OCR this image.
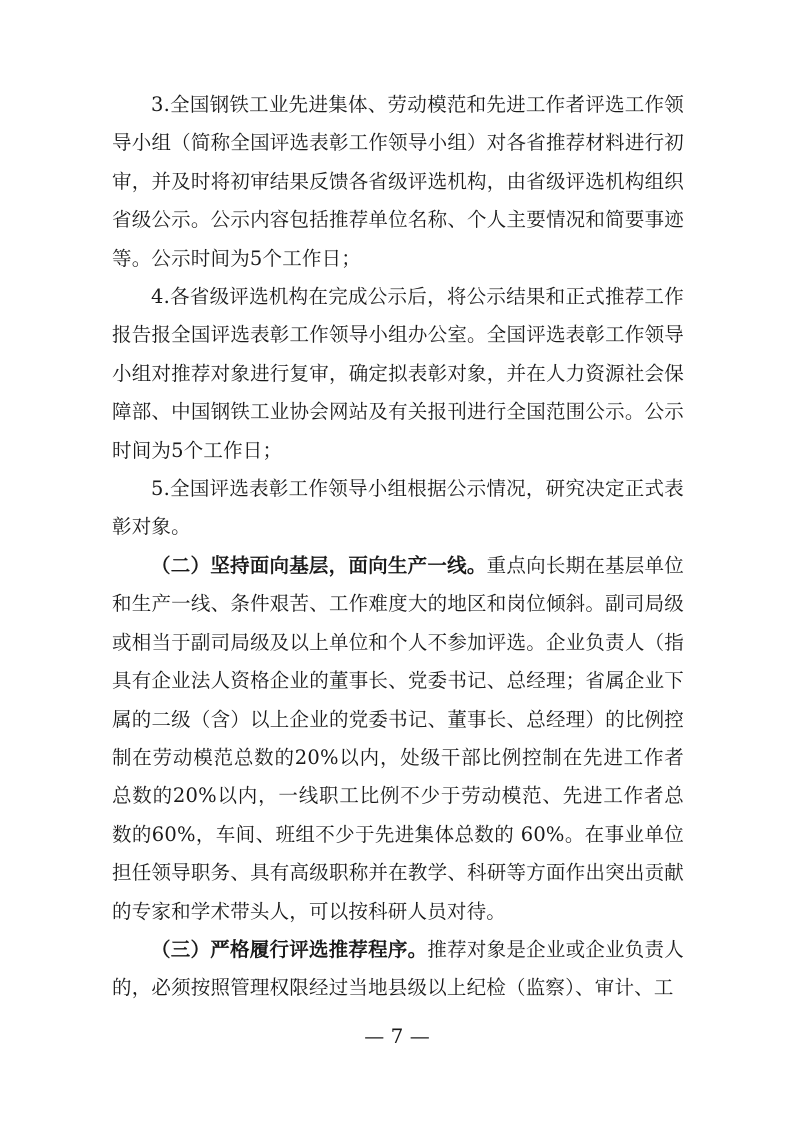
3.全国钢铁工业先进集体、劳动模范和先进工作者评选工作领导小组（简称全国评选表彰工作领导小组）对各省推荐材料进行初审，并及时将初审结果反馈各省级评选机构，由省级评选机构组织省级公示。公示内容包括推荐单位名称、个人主要情况和简要事迹等。公示时间为5个工作日；

4.各省级评选机构在完成公示后，将公示结果和正式推荐工作报告报全国评选表彰工作领导小组办公室。全国评选表彰工作领导小组对推荐对象进行复审，确定拟表彰对象，并在人力资源社会保障部、中国钢铁工业协会网站及有关报刊进行全国范围公示。公示时间为5个工作日；

5.全国评选表彰工作领导小组根据公示情况，研究决定正式表彰对象。

（二）坚持面向基层，面向生产一线。重点向长期在基层单位和生产一线、条件艰苦、工作难度大的地区和岗位倾斜。副司局级或相当于副司局级及以上单位和个人不参加评选。企业负责人（指具有企业法人资格企业的董事长、党委书记、总经理；省属企业下属的二级（含）以上企业的党委书记、董事长、总经理）的比例控制在劳动模范总数的20%以内，处级干部比例控制在先进工作者总数的20%以内，一线职工比例不少于劳动模范、先进工作者总数的60%，车间、班组不少于先进集体总数的 60%。在事业单位担任领导职务、具有高级职称并在教学、科研等方面作出突出贡献的专家和学术带头人，可以按科研人员对待。

（三）严格履行评选推荐程序。推荐对象是企业或企业负责人的，必须按照管理权限经过当地县级以上纪检（监察）、审计、工

— 7 —
